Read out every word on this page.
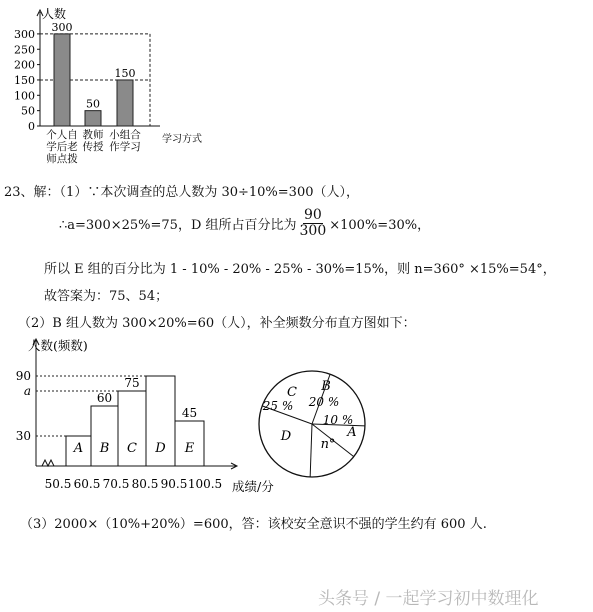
人数
学习方式
0
50
100
150
200
250
300
300
个人自
学后老
师点拨
50
教师
传授
150
小组合
作学习
23、解：（1）∵本次调查的总人数为 30÷10%=300（人），
∴a=300×25%=75，D 组所占百分比为 $\frac{90}{300} \times 100\%=30\%$，
所以 E 组的百分比为 1 - 10% - 20% - 25% - 30%=15%，则 n=360° ×15%=54°，
故答案为：75、54；
（2）B 组人数为 300×20%=60（人），补全频数分布直方图如下：
人数(频数)
成绩/分
90
a
30
A B
60
C
75
D E
45
50.5 60.5 70.5 80.5 90.5 100.5
B
20 %
A
10 %
n°
D
C
25 %
（3）2000×（10%+20%）=600，答：该校安全意识不强的学生约有 600 人.
头条号 / 一起学习初中数理化
